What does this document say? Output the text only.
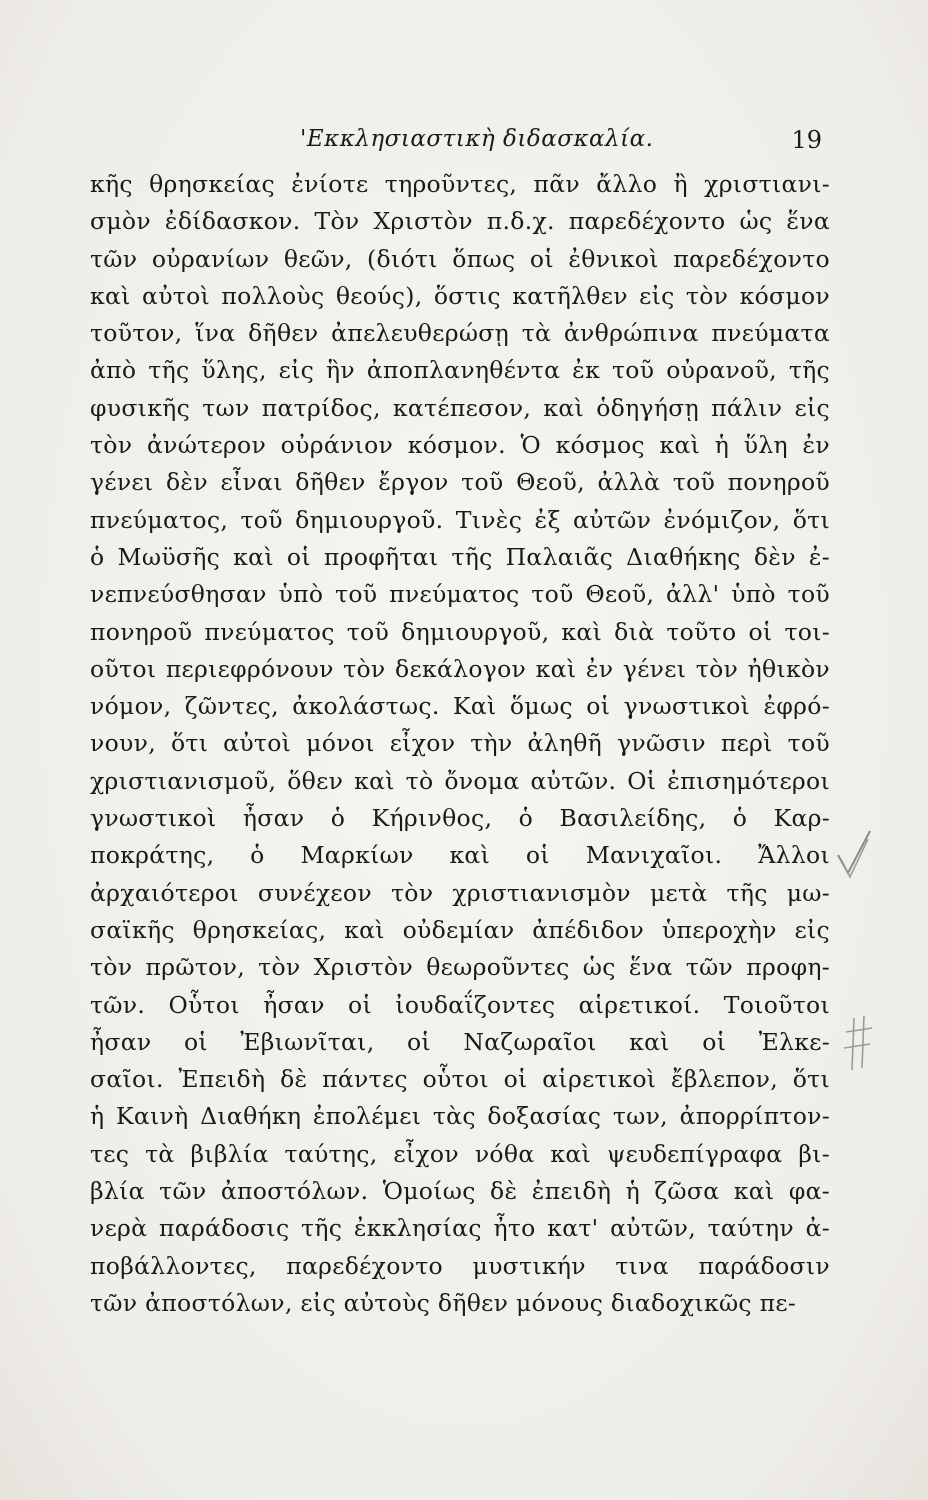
'Εκκλησιαστικὴ διδασκαλία.	19
κῆς θρησκείας ἐνίοτε τηροῦντες, πᾶν ἄλλο ἢ χριστιανι-
σμὸν ἐδίδασκον. Τὸν Χριστὸν π.δ.χ. παρεδέχοντο ὡς ἕνα
τῶν οὐρανίων θεῶν, (διότι ὅπως οἱ ἐθνικοὶ παρεδέχοντο
καὶ αὐτοὶ πολλοὺς θεούς), ὅστις κατῆλθεν εἰς τὸν κόσμον
τοῦτον, ἵνα δῆθεν ἀπελευθερώσῃ τὰ ἀνθρώπινα πνεύματα
ἀπὸ τῆς ὕλης, εἰς ἣν ἀποπλανηθέντα ἐκ τοῦ οὐρανοῦ, τῆς
φυσικῆς των πατρίδος, κατέπεσον, καὶ ὁδηγήσῃ πάλιν εἰς
τὸν ἀνώτερον οὐράνιον κόσμον. Ὁ κόσμος καὶ ἡ ὕλη ἐν
γένει δὲν εἶναι δῆθεν ἔργον τοῦ Θεοῦ, ἀλλὰ τοῦ πονηροῦ
πνεύματος, τοῦ δημιουργοῦ. Τινὲς ἐξ αὐτῶν ἐνόμιζον, ὅτι
ὁ Μωϋσῆς καὶ οἱ προφῆται τῆς Παλαιᾶς Διαθήκης δὲν ἐ-
νεπνεύσθησαν ὑπὸ τοῦ πνεύματος τοῦ Θεοῦ, ἀλλ' ὑπὸ τοῦ
πονηροῦ πνεύματος τοῦ δημιουργοῦ, καὶ διὰ τοῦτο οἱ τοι-
οῦτοι περιεφρόνουν τὸν δεκάλογον καὶ ἐν γένει τὸν ἠθικὸν
νόμον, ζῶντες, ἀκολάστως. Καὶ ὅμως οἱ γνωστικοὶ ἐφρό-
νουν, ὅτι αὐτοὶ μόνοι εἶχον τὴν ἀληθῆ γνῶσιν περὶ τοῦ
χριστιανισμοῦ, ὅθεν καὶ τὸ ὄνομα αὐτῶν. Οἱ ἐπισημότεροι
γνωστικοὶ ἦσαν ὁ Κήρινθος, ὁ Βασιλείδης, ὁ Καρ-
ποκράτης, ὁ Μαρκίων καὶ οἱ Μανιχαῖοι. Ἄλλοι
ἀρχαιότεροι συνέχεον τὸν χριστιανισμὸν μετὰ τῆς μω-
σαϊκῆς θρησκείας, καὶ οὐδεμίαν ἀπέδιδον ὑπεροχὴν εἰς
τὸν πρῶτον, τὸν Χριστὸν θεωροῦντες ὡς ἕνα τῶν προφη-
τῶν. Οὗτοι ἦσαν οἱ ἰουδαΐζοντες αἱρετικοί. Τοιοῦτοι
ἦσαν οἱ Ἐβιωνῖται, οἱ Ναζωραῖοι καὶ οἱ Ἐλκε-
σαῖοι. Ἐπειδὴ δὲ πάντες οὗτοι οἱ αἱρετικοὶ ἔβλεπον, ὅτι
ἡ Καινὴ Διαθήκη ἐπολέμει τὰς δοξασίας των, ἀπορρίπτον-
τες τὰ βιβλία ταύτης, εἶχον νόθα καὶ ψευδεπίγραφα βι-
βλία τῶν ἀποστόλων. Ὁμοίως δὲ ἐπειδὴ ἡ ζῶσα καὶ φα-
νερὰ παράδοσις τῆς ἐκκλησίας ἦτο κατ' αὐτῶν, ταύτην ἀ-
ποβάλλοντες, παρεδέχοντο μυστικήν τινα παράδοσιν
τῶν ἀποστόλων, εἰς αὐτοὺς δῆθεν μόνους διαδοχικῶς πε-
